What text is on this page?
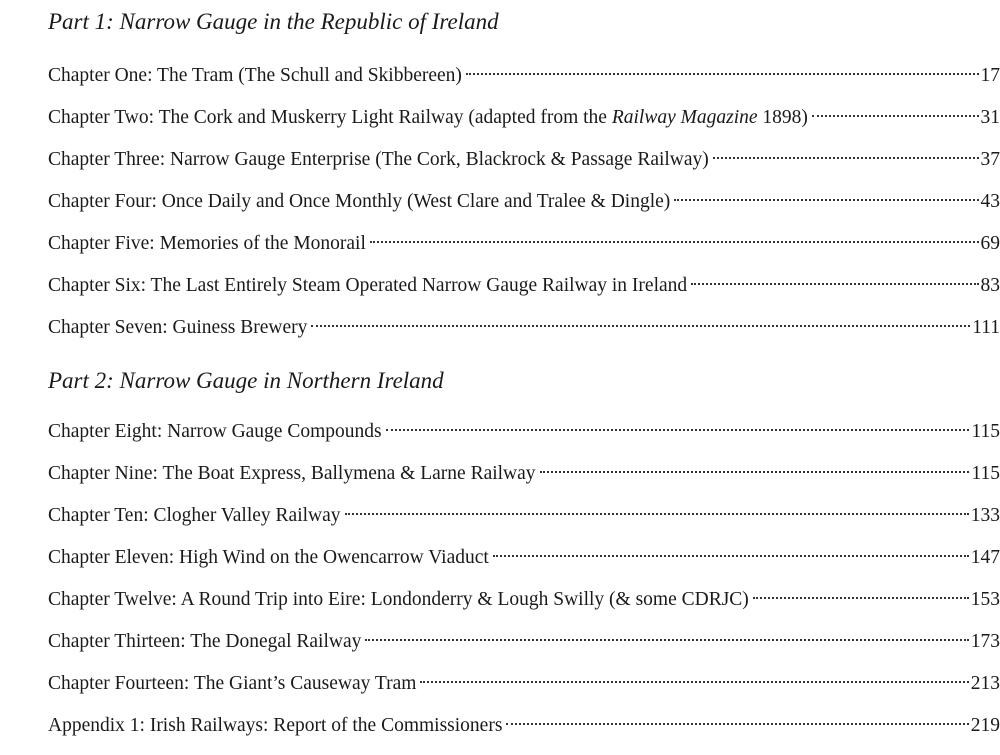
Part 1: Narrow Gauge in the Republic of Ireland
Chapter One: The Tram (The Schull and Skibbereen)	17
Chapter Two: The Cork and Muskerry Light Railway (adapted from the Railway Magazine 1898)	31
Chapter Three: Narrow Gauge Enterprise (The Cork, Blackrock & Passage Railway)	37
Chapter Four: Once Daily and Once Monthly (West Clare and Tralee & Dingle)	43
Chapter Five: Memories of the Monorail	69
Chapter Six: The Last Entirely Steam Operated Narrow Gauge Railway in Ireland	83
Chapter Seven: Guiness Brewery	111
Part 2: Narrow Gauge in Northern Ireland
Chapter Eight: Narrow Gauge Compounds	115
Chapter Nine: The Boat Express, Ballymena & Larne Railway	115
Chapter Ten: Clogher Valley Railway	133
Chapter Eleven: High Wind on the Owencarrow Viaduct	147
Chapter Twelve: A Round Trip into Eire: Londonderry & Lough Swilly (& some CDRJC)	153
Chapter Thirteen: The Donegal Railway	173
Chapter Fourteen: The Giant’s Causeway Tram	213
Appendix 1: Irish Railways: Report of the Commissioners	219
